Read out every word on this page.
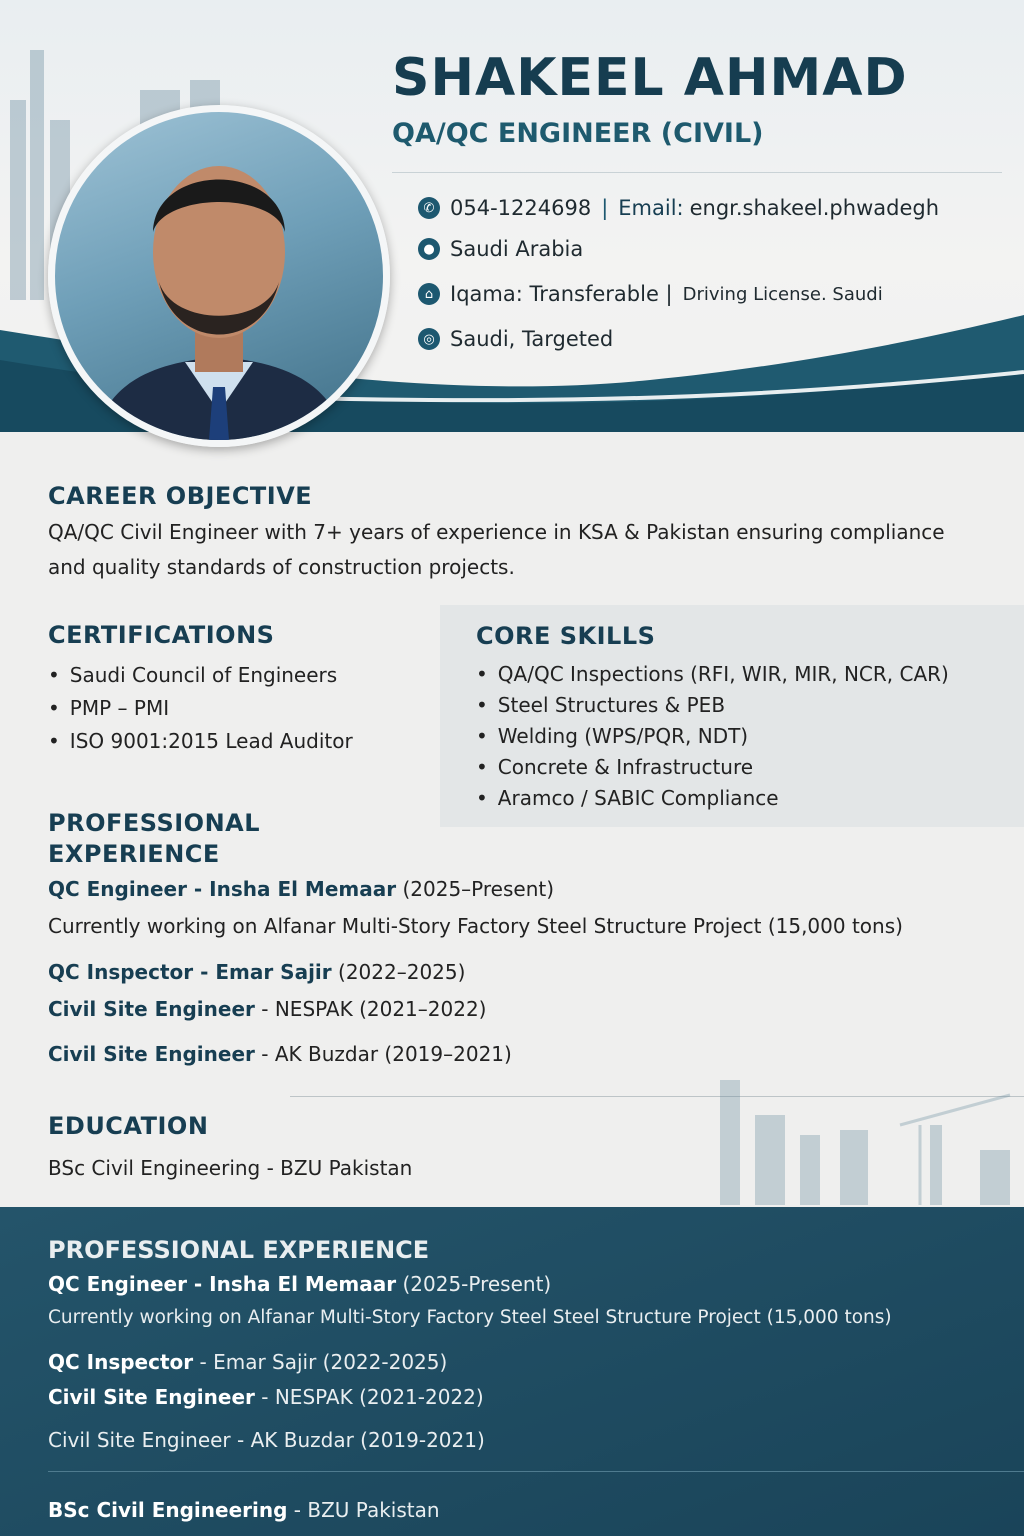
SHAKEEL AHMAD
QA/QC ENGINEER (CIVIL)
✆ 054-1224698 | Email: engr.shakeel.phwadegh
● Saudi Arabia
⌂ Iqama: Transferable | Driving License. Saudi
◎ Saudi, Targeted
CAREER OBJECTIVE
QA/QC Civil Engineer with 7+ years of experience in KSA & Pakistan ensuring compliance and quality standards of construction projects.
CERTIFICATIONS
• Saudi Council of Engineers
• PMP – PMI
• ISO 9001:2015 Lead Auditor
CORE SKILLS
• QA/QC Inspections (RFI, WIR, MIR, NCR, CAR)
• Steel Structures & PEB
• Welding (WPS/PQR, NDT)
• Concrete & Infrastructure
• Aramco / SABIC Compliance
PROFESSIONAL EXPERIENCE
QC Engineer - Insha El Memaar (2025–Present)
Currently working on Alfanar Multi-Story Factory Steel Structure Project (15,000 tons)
QC Inspector - Emar Sajir (2022–2025)
Civil Site Engineer - NESPAK (2021–2022)
Civil Site Engineer - AK Buzdar (2019–2021)
EDUCATION
BSc Civil Engineering - BZU Pakistan
PROFESSIONAL EXPERIENCE
QC Engineer - Insha El Memaar (2025-Present)
Currently working on Alfanar Multi-Story Factory Steel Steel Structure Project (15,000 tons)
QC Inspector - Emar Sajir (2022-2025)
Civil Site Engineer - NESPAK (2021-2022)
Civil Site Engineer - AK Buzdar (2019-2021)
BSc Civil Engineering - BZU Pakistan
